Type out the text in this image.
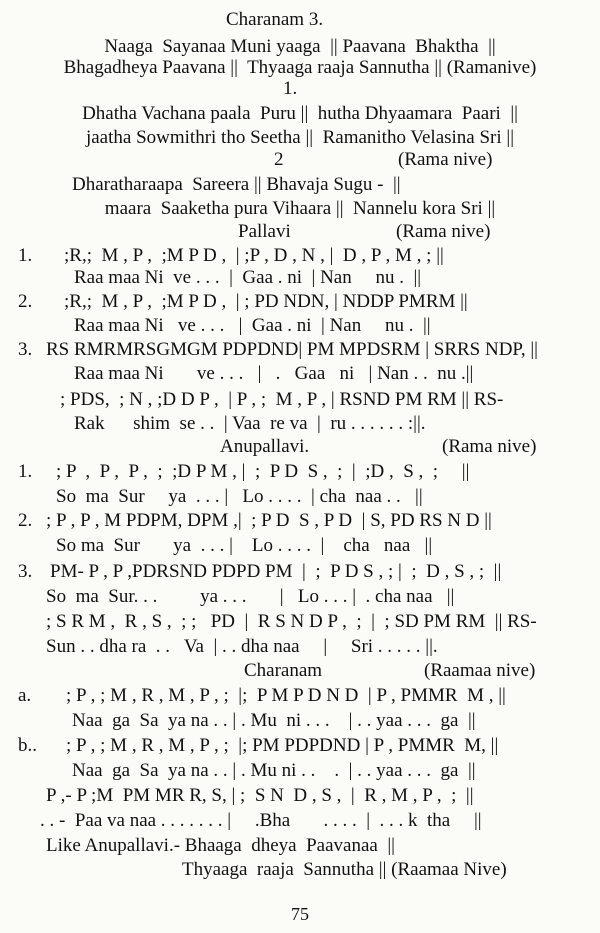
Charanam 3.
Naaga  Sayanaa Muni yaaga  || Paavana  Bhaktha  ||
Bhagadheya Paavana ||  Thyaaga raaja Sannutha || (Ramanive)
1.
Dhatha Vachana paala  Puru ||  hutha Dhyaamara  Paari  ||
jaatha Sowmithri tho Seetha ||  Ramanitho Velasina Sri ||
2	(Rama nive)
Dharatharaapa  Sareera || Bhavaja Sugu -  ||
maara  Saaketha pura Vihaara ||  Nannelu kora Sri ||
Pallavi	(Rama nive)
1. ;R,;  M , P ,  ;M P D ,  | ;P , D , N , |  D , P , M , ; ||
Raa maa Ni  ve . . .  |  Gaa . ni  | Nan     nu .  ||
2. ;R,;  M , P ,  ;M P D ,  | ; PD NDN, | NDDP PMRM ||
Raa maa Ni   ve . . .   |  Gaa . ni  | Nan     nu .  ||
3. RS RMRMRSGMGM PDPDND| PM MPDSRM | SRRS NDP, ||
Raa maa Ni       ve . . .   |   .   Gaa   ni   | Nan . .  nu .||
; PDS,  ; N , ;D D P ,  | P , ;  M , P , | RSND PM RM || RS-
Rak      shim  se . .  | Vaa  re va  |  ru . . . . . . :||.
Anupallavi.	(Rama nive)
1. ; P  ,  P ,  P ,  ;  ;D P M , |  ;  P D  S ,  ;  |  ;D ,  S ,  ;     ||
So  ma  Sur     ya  . . . |   Lo . . . .  | cha  naa . .   ||
2. ; P , P , M PDPM, DPM ,|  ; P D  S , P D  | S, PD RS N D ||
So ma  Sur       ya  . . . |    Lo . . . .  |    cha   naa   ||
3. PM- P , P ,PDRSND PDPD PM  |  ;  P D S , ; |  ;  D , S , ;  ||
So  ma  Sur. . .         ya . . .       |   Lo . . . |  . cha naa   ||
; S R M ,  R , S ,  ; ;   PD  |  R S N D P ,  ;  |  ; SD PM RM  || RS-
Sun . . dha ra  . .   Va  | . . dha naa     |     Sri . . . . . ||.
Charanam	(Raamaa nive)
a. ; P , ; M , R , M , P , ;  |;  P M P D N D  | P , PMMR  M , ||
Naa  ga  Sa  ya na . . | . Mu  ni . . .    | . . yaa . . .  ga  ||
b.. ; P , ; M , R , M , P , ;  |; PM PDPDND | P , PMMR  M, ||
Naa  ga  Sa  ya na . . | . Mu ni . .    .  | . . yaa . . .  ga  ||
P ,- P ;M  PM MR R, S, | ;  S N  D , S ,  |  R , M , P ,  ;  ||
. . -  Paa va naa . . . . . . . |     .Bha       . . . .  |  . . . k  tha     ||
Like Anupallavi.- Bhaaga  dheya  Paavanaa  ||
Thyaaga  raaja  Sannutha || (Raamaa Nive)
75
